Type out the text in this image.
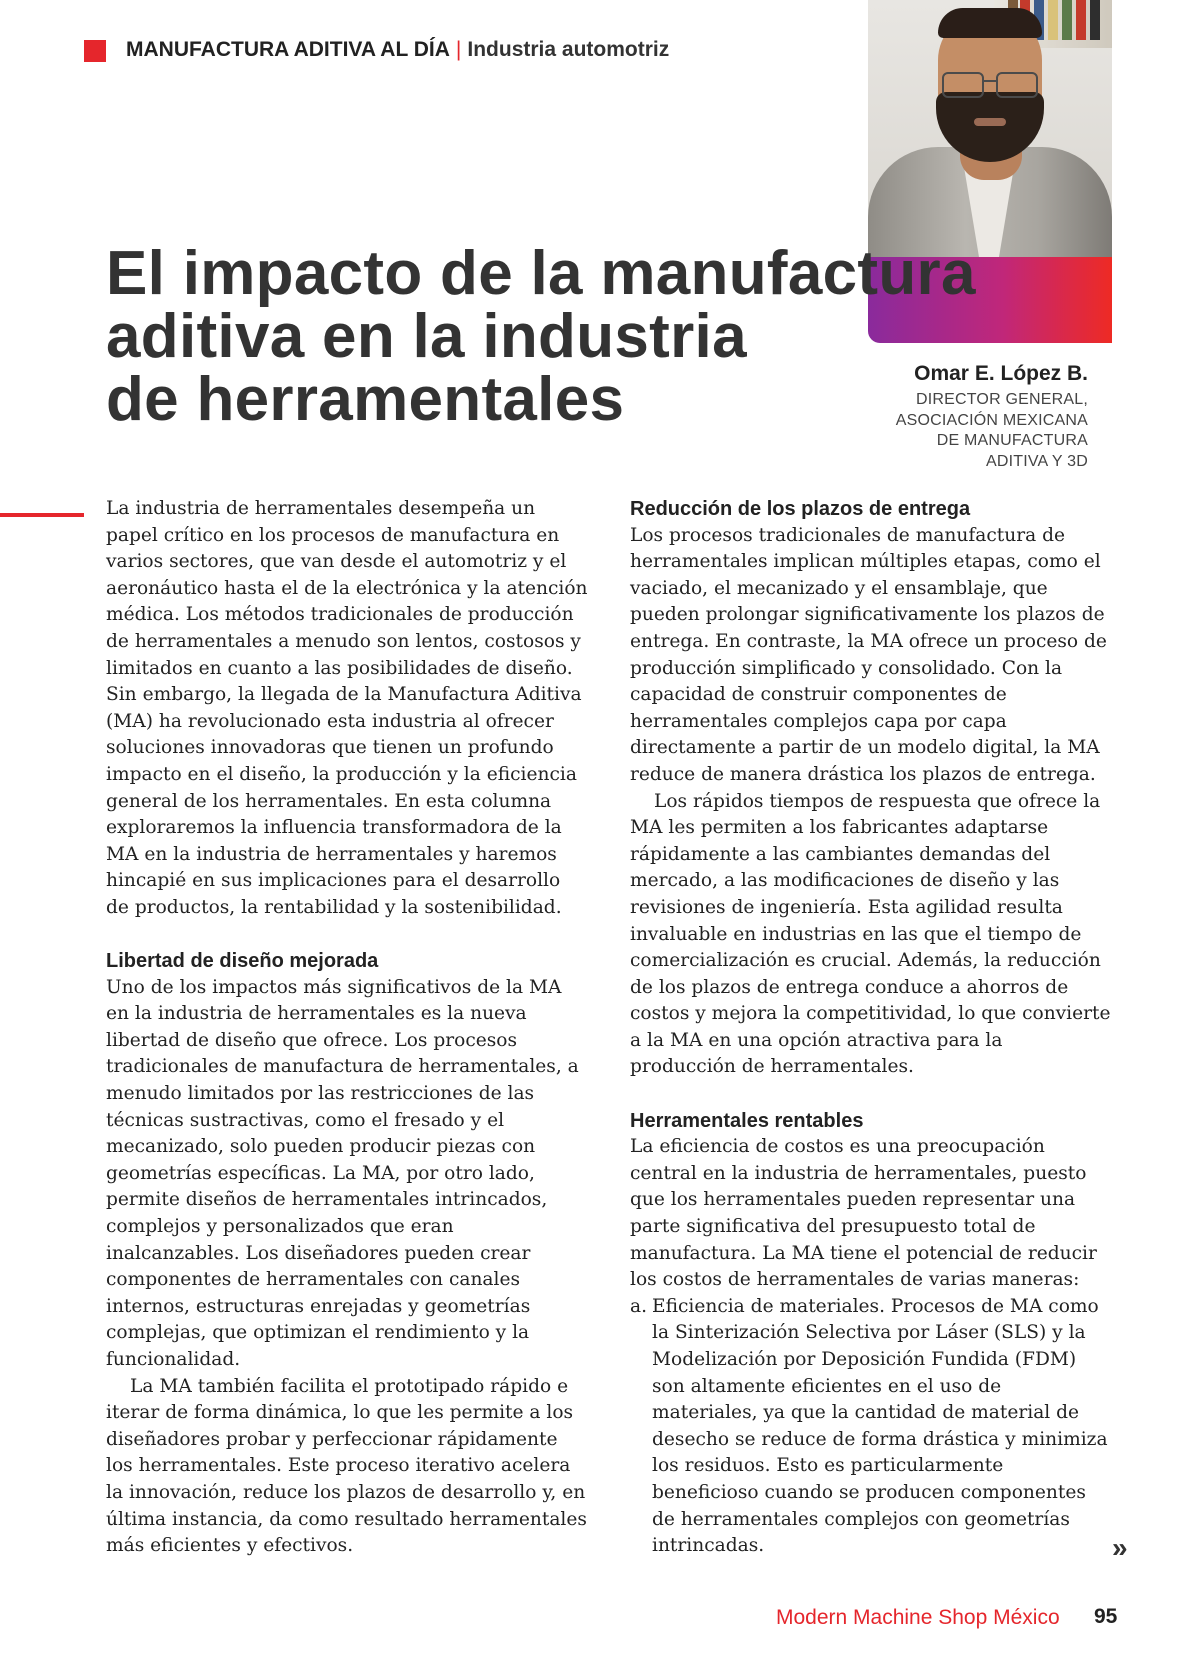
MANUFACTURA ADITIVA AL DÍA | Industria automotriz
Omar E. López B.
DIRECTOR GENERAL,
ASOCIACIÓN MEXICANA
DE MANUFACTURA
ADITIVA Y 3D
El impacto de la manufactura
aditiva en la industria
de herramentales

La industria de herramentales desempeña un papel crítico en los procesos de manufactura en varios sectores, que van desde el automotriz y el aeronáutico hasta el de la electrónica y la atención médica. Los métodos tradicionales de producción de herramentales a menudo son lentos, costosos y limitados en cuanto a las posibilidades de diseño. Sin embargo, la llegada de la Manufactura Aditiva (MA) ha revolucionado esta industria al ofrecer soluciones innovadoras que tienen un profundo impacto en el diseño, la producción y la eficiencia general de los herramentales. En esta columna exploraremos la influencia transformadora de la MA en la industria de herramentales y haremos hincapié en sus implicaciones para el desarrollo de productos, la rentabilidad y la sostenibilidad.

Libertad de diseño mejorada

Uno de los impactos más significativos de la MA en la industria de herramentales es la nueva libertad de diseño que ofrece. Los procesos tradicionales de manufactura de herramentales, a menudo limitados por las restricciones de las técnicas sustractivas, como el fresado y el mecanizado, solo pueden producir piezas con geometrías específicas. La MA, por otro lado, permite diseños de herramentales intrincados, complejos y personalizados que eran inalcanzables. Los diseñadores pueden crear componentes de herramentales con canales internos, estructuras enrejadas y geometrías complejas, que optimizan el rendimiento y la funcionalidad.

La MA también facilita el prototipado rápido e iterar de forma dinámica, lo que les permite a los diseñadores probar y perfeccionar rápidamente los herramentales. Este proceso iterativo acelera la innovación, reduce los plazos de desarrollo y, en última instancia, da como resultado herramentales más eficientes y efectivos.

Reducción de los plazos de entrega

Los procesos tradicionales de manufactura de herramentales implican múltiples etapas, como el vaciado, el mecanizado y el ensamblaje, que pueden prolongar significativamente los plazos de entrega. En contraste, la MA ofrece un proceso de producción simplificado y consolidado. Con la capacidad de construir componentes de herramentales complejos capa por capa directamente a partir de un modelo digital, la MA reduce de manera drástica los plazos de entrega.

Los rápidos tiempos de respuesta que ofrece la MA les permiten a los fabricantes adaptarse rápidamente a las cambiantes demandas del mercado, a las modificaciones de diseño y las revisiones de ingeniería. Esta agilidad resulta invaluable en industrias en las que el tiempo de comercialización es crucial. Además, la reducción de los plazos de entrega conduce a ahorros de costos y mejora la competitividad, lo que convierte a la MA en una opción atractiva para la producción de herramentales.

Herramentales rentables

La eficiencia de costos es una preocupación central en la industria de herramentales, puesto que los herramentales pueden representar una parte significativa del presupuesto total de manufactura. La MA tiene el potencial de reducir los costos de herramentales de varias maneras:

a. Eficiencia de materiales. Procesos de MA como la Sinterización Selectiva por Láser (SLS) y la Modelización por Deposición Fundida (FDM) son altamente eficientes en el uso de materiales, ya que la cantidad de material de desecho se reduce de forma drástica y minimiza los residuos. Esto es particularmente beneficioso cuando se producen componentes de herramentales complejos con geometrías intrincadas.	»
Modern Machine Shop México 95
